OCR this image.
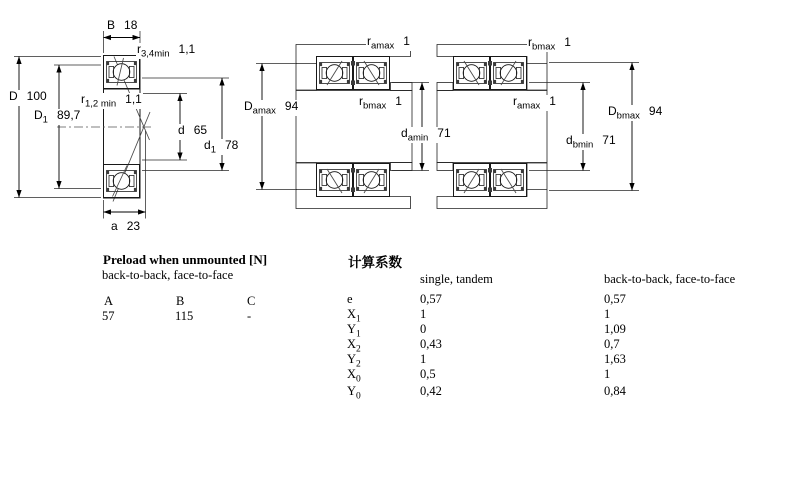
B 18
$r_{3,4min}$ 1,1
D 100
$D_1$ 89,7
$r_{1,2 min}$ 1,1
d 65
$d_1$ 78
a 23
$r_{amax}$ 1
$D_{amax}$ 94	$r_{bmax}$ 1
$d_{amin}$ 71
$r_{bmax}$ 1
$r_{amax}$ 1
$D_{bmax}$ 94
$d_{bmin}$ 71
Preload when unmounted [N]
back-to-back, face-to-face
A	B	C
57	115	-
计算系数
single, tandem	back-to-back, face-to-face
e	0,57	0,57
$X_1$	1	1
$Y_1$	0	1,09
$X_2$	0,43	0,7
$Y_2$	1	1,63
$X_0$	0,5	1
$Y_0$	0,42	0,84
